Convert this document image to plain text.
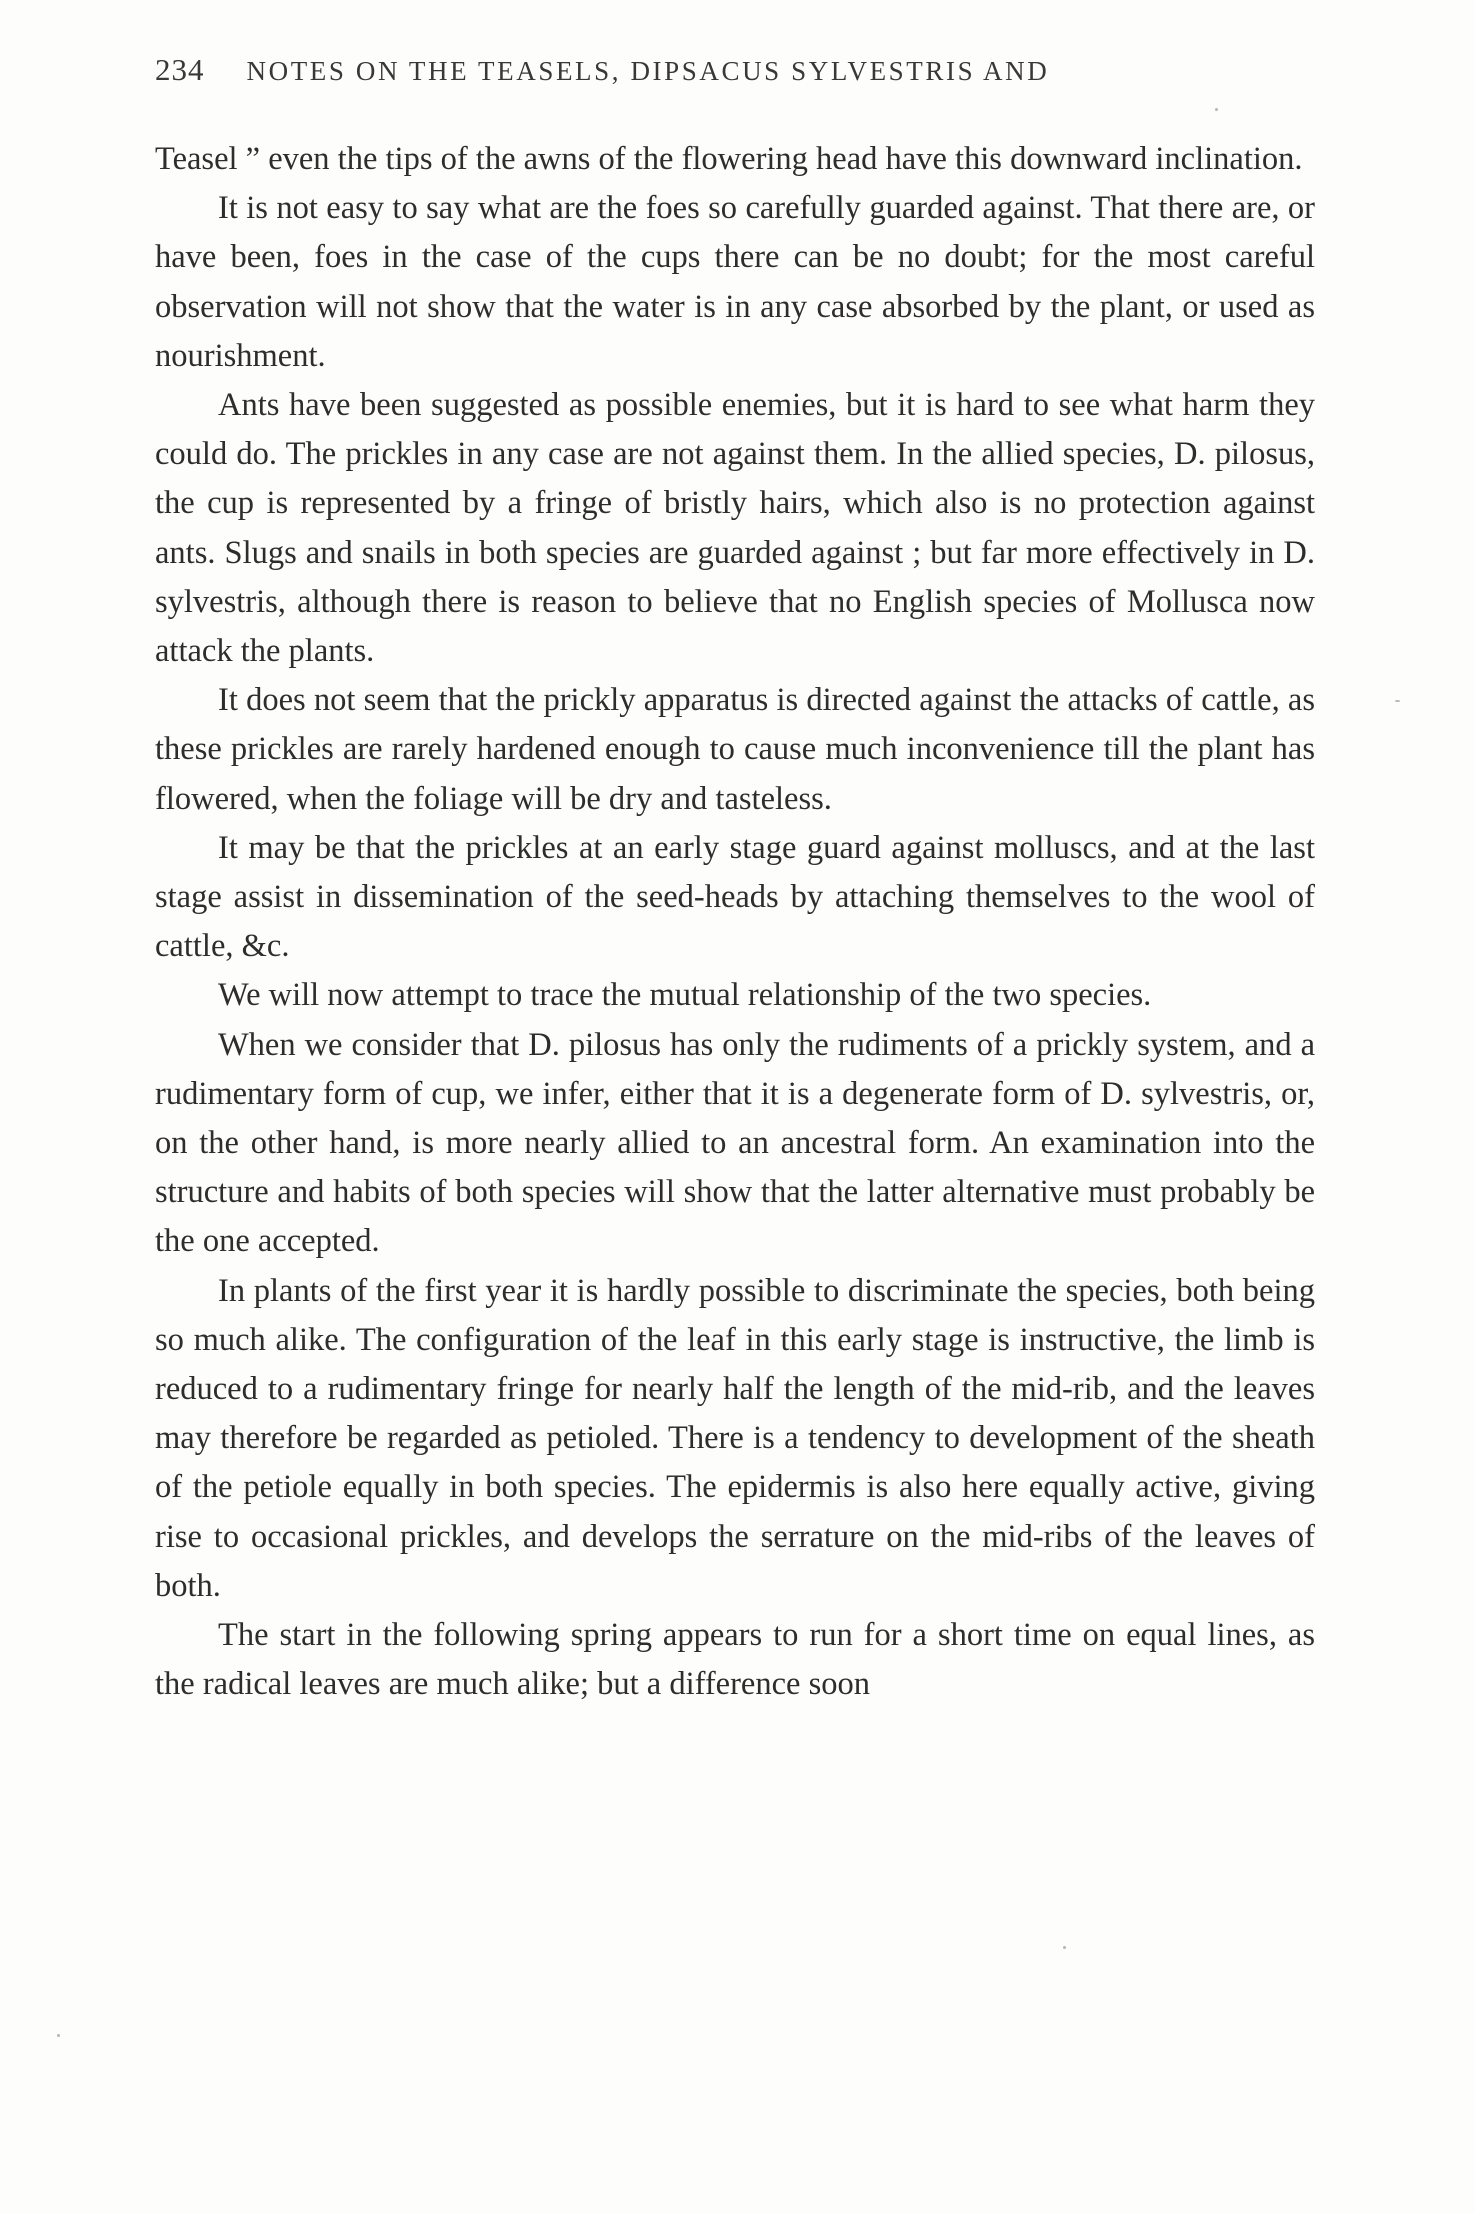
234 NOTES ON THE TEASELS, DIPSACUS SYLVESTRIS AND

Teasel ” even the tips of the awns of the flowering head have this downward inclination.

It is not easy to say what are the foes so carefully guarded against. That there are, or have been, foes in the case of the cups there can be no doubt; for the most careful observation will not show that the water is in any case absorbed by the plant, or used as nourishment.

Ants have been suggested as possible enemies, but it is hard to see what harm they could do. The prickles in any case are not against them. In the allied species, D. pilosus, the cup is represented by a fringe of bristly hairs, which also is no protection against ants. Slugs and snails in both species are guarded against ; but far more effectively in D. sylvestris, although there is reason to believe that no English species of Mollusca now attack the plants.

It does not seem that the prickly apparatus is directed against the attacks of cattle, as these prickles are rarely hardened enough to cause much inconvenience till the plant has flowered, when the foliage will be dry and tasteless.

It may be that the prickles at an early stage guard against molluscs, and at the last stage assist in dissemination of the seed-heads by attaching themselves to the wool of cattle, &c.

We will now attempt to trace the mutual relationship of the two species.

When we consider that D. pilosus has only the rudiments of a prickly system, and a rudimentary form of cup, we infer, either that it is a degenerate form of D. sylvestris, or, on the other hand, is more nearly allied to an ancestral form. An examination into the structure and habits of both species will show that the latter alternative must probably be the one accepted.

In plants of the first year it is hardly possible to discriminate the species, both being so much alike. The configuration of the leaf in this early stage is instructive, the limb is reduced to a rudimentary fringe for nearly half the length of the mid-rib, and the leaves may therefore be regarded as petioled. There is a tendency to development of the sheath of the petiole equally in both species. The epidermis is also here equally active, giving rise to occasional prickles, and develops the serrature on the mid-ribs of the leaves of both.

The start in the following spring appears to run for a short time on equal lines, as the radical leaves are much alike; but a difference soon
